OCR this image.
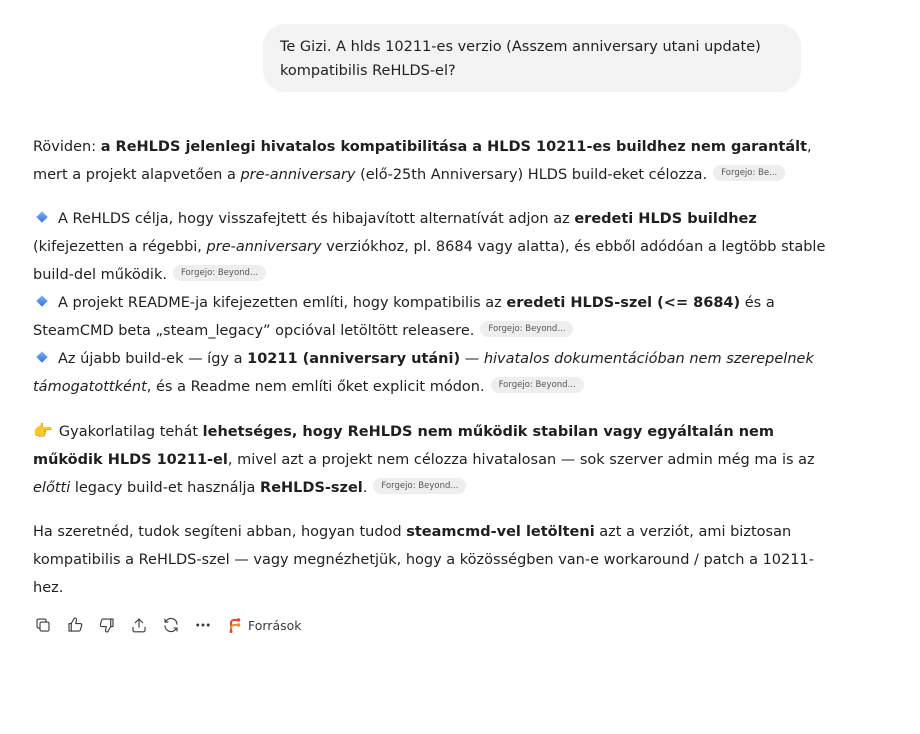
Te Gizi. A hlds 10211-es verzio (Asszem anniversary utani update)
kompatibilis ReHLDS-el?

Röviden: a ReHLDS jelenlegi hivatalos kompatibilitása a HLDS 10211-es buildhez nem garantált, mert a projekt alapvetően a pre-anniversary (elő-25th Anniversary) HLDS build-eket célozza. Forgejo: Be...

A ReHLDS célja, hogy visszafejtett és hibajavított alternatívát adjon az eredeti HLDS buildhez (kifejezetten a régebbi, pre-anniversary verziókhoz, pl. 8684 vagy alatta), és ebből adódóan a legtöbb stable build-del működik. Forgejo: Beyond...

A projekt README-ja kifejezetten említi, hogy kompatibilis az eredeti HLDS-szel (<= 8684) és a SteamCMD beta „steam_legacy” opcióval letöltött releasere. Forgejo: Beyond...

Az újabb build-ek — így a 10211 (anniversary utáni) — hivatalos dokumentációban nem szerepelnek támogatottként, és a Readme nem említi őket explicit módon. Forgejo: Beyond...

👉 Gyakorlatilag tehát lehetséges, hogy ReHLDS nem működik stabilan vagy egyáltalán nem működik HLDS 10211-el, mivel azt a projekt nem célozza hivatalosan — sok szerver admin még ma is az előtti legacy build-et használja ReHLDS-szel. Forgejo: Beyond...

Ha szeretnéd, tudok segíteni abban, hogyan tudod steamcmd-vel letölteni azt a verziót, ami biztosan kompatibilis a ReHLDS-szel — vagy megnézhetjük, hogy a közösségben van-e workaround / patch a 10211-hez.

Források
